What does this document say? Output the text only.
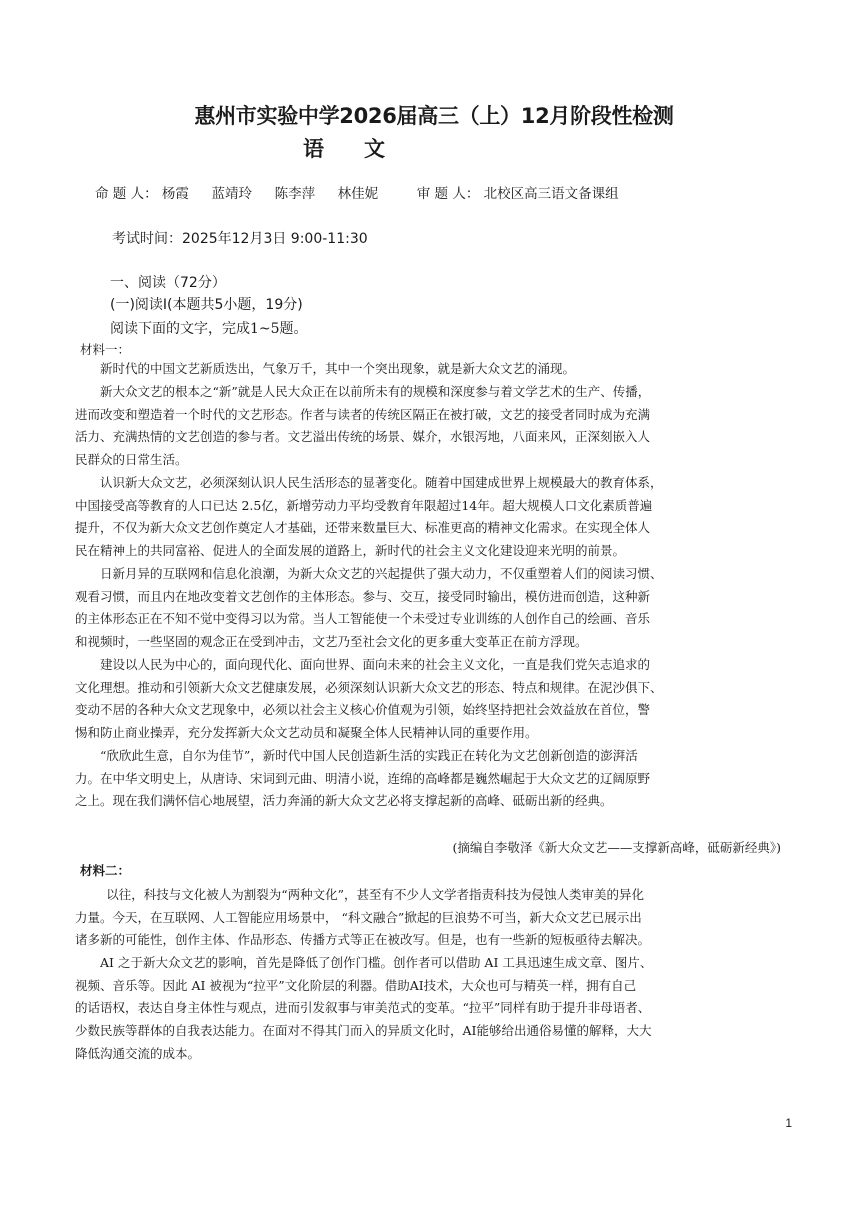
惠州市实验中学2026届高三（上）12月阶段性检测
语文
命 题 人： 杨霞 蓝靖玲 陈李萍 林佳妮	审 题 人： 北校区高三语文备课组
考试时间：2025年12月3日 9:00-11:30
一、阅读（72分）
(一)阅读Ⅰ(本题共5小题，19分)
阅读下面的文字，完成1~5题。
材料一：
新时代的中国文艺新质迭出，气象万千，其中一个突出现象，就是新大众文艺的涌现。
新大众文艺的根本之“新”就是人民大众正在以前所未有的规模和深度参与着文学艺术的生产、传播，
进而改变和塑造着一个时代的文艺形态。作者与读者的传统区隔正在被打破，文艺的接受者同时成为充满
活力、充满热情的文艺创造的参与者。文艺溢出传统的场景、媒介，水银泻地，八面来风，正深刻嵌入人
民群众的日常生活。
认识新大众文艺，必须深刻认识人民生活形态的显著变化。随着中国建成世界上规模最大的教育体系，
中国接受高等教育的人口已达 2.5亿，新增劳动力平均受教育年限超过14年。超大规模人口文化素质普遍
提升，不仅为新大众文艺创作奠定人才基础，还带来数量巨大、标准更高的精神文化需求。在实现全体人
民在精神上的共同富裕、促进人的全面发展的道路上，新时代的社会主义文化建设迎来光明的前景。
日新月异的互联网和信息化浪潮，为新大众文艺的兴起提供了强大动力，不仅重塑着人们的阅读习惯、
观看习惯，而且内在地改变着文艺创作的主体形态。参与、交互，接受同时输出，模仿进而创造，这种新
的主体形态正在不知不觉中变得习以为常。当人工智能使一个未受过专业训练的人创作自己的绘画、音乐
和视频时，一些坚固的观念正在受到冲击，文艺乃至社会文化的更多重大变革正在前方浮现。
建设以人民为中心的，面向现代化、面向世界、面向未来的社会主义文化，一直是我们党矢志追求的
文化理想。推动和引领新大众文艺健康发展，必须深刻认识新大众文艺的形态、特点和规律。在泥沙俱下、
变动不居的各种大众文艺现象中，必须以社会主义核心价值观为引领，始终坚持把社会效益放在首位，警
惕和防止商业操弄，充分发挥新大众文艺动员和凝聚全体人民精神认同的重要作用。
“欣欣此生意，自尔为佳节”，新时代中国人民创造新生活的实践正在转化为文艺创新创造的澎湃活
力。在中华文明史上，从唐诗、宋词到元曲、明清小说，连绵的高峰都是巍然崛起于大众文艺的辽阔原野
之上。现在我们满怀信心地展望，活力奔涌的新大众文艺必将支撑起新的高峰、砥砺出新的经典。
(摘编自李敬泽《新大众文艺——支撑新高峰，砥砺新经典》)
材料二：
以往，科技与文化被人为割裂为“两种文化”，甚至有不少人文学者指责科技为侵蚀人类审美的异化
力量。今天，在互联网、人工智能应用场景中， “科文融合”掀起的巨浪势不可当，新大众文艺已展示出
诸多新的可能性，创作主体、作品形态、传播方式等正在被改写。但是，也有一些新的短板亟待去解决。
AI 之于新大众文艺的影响，首先是降低了创作门槛。创作者可以借助 AI 工具迅速生成文章、图片、
视频、音乐等。因此 AI 被视为“拉平”文化阶层的利器。借助AI技术，大众也可与精英一样，拥有自己
的话语权，表达自身主体性与观点，进而引发叙事与审美范式的变革。“拉平”同样有助于提升非母语者、
少数民族等群体的自我表达能力。在面对不得其门而入的异质文化时，AI能够给出通俗易懂的解释，大大
降低沟通交流的成本。
1
